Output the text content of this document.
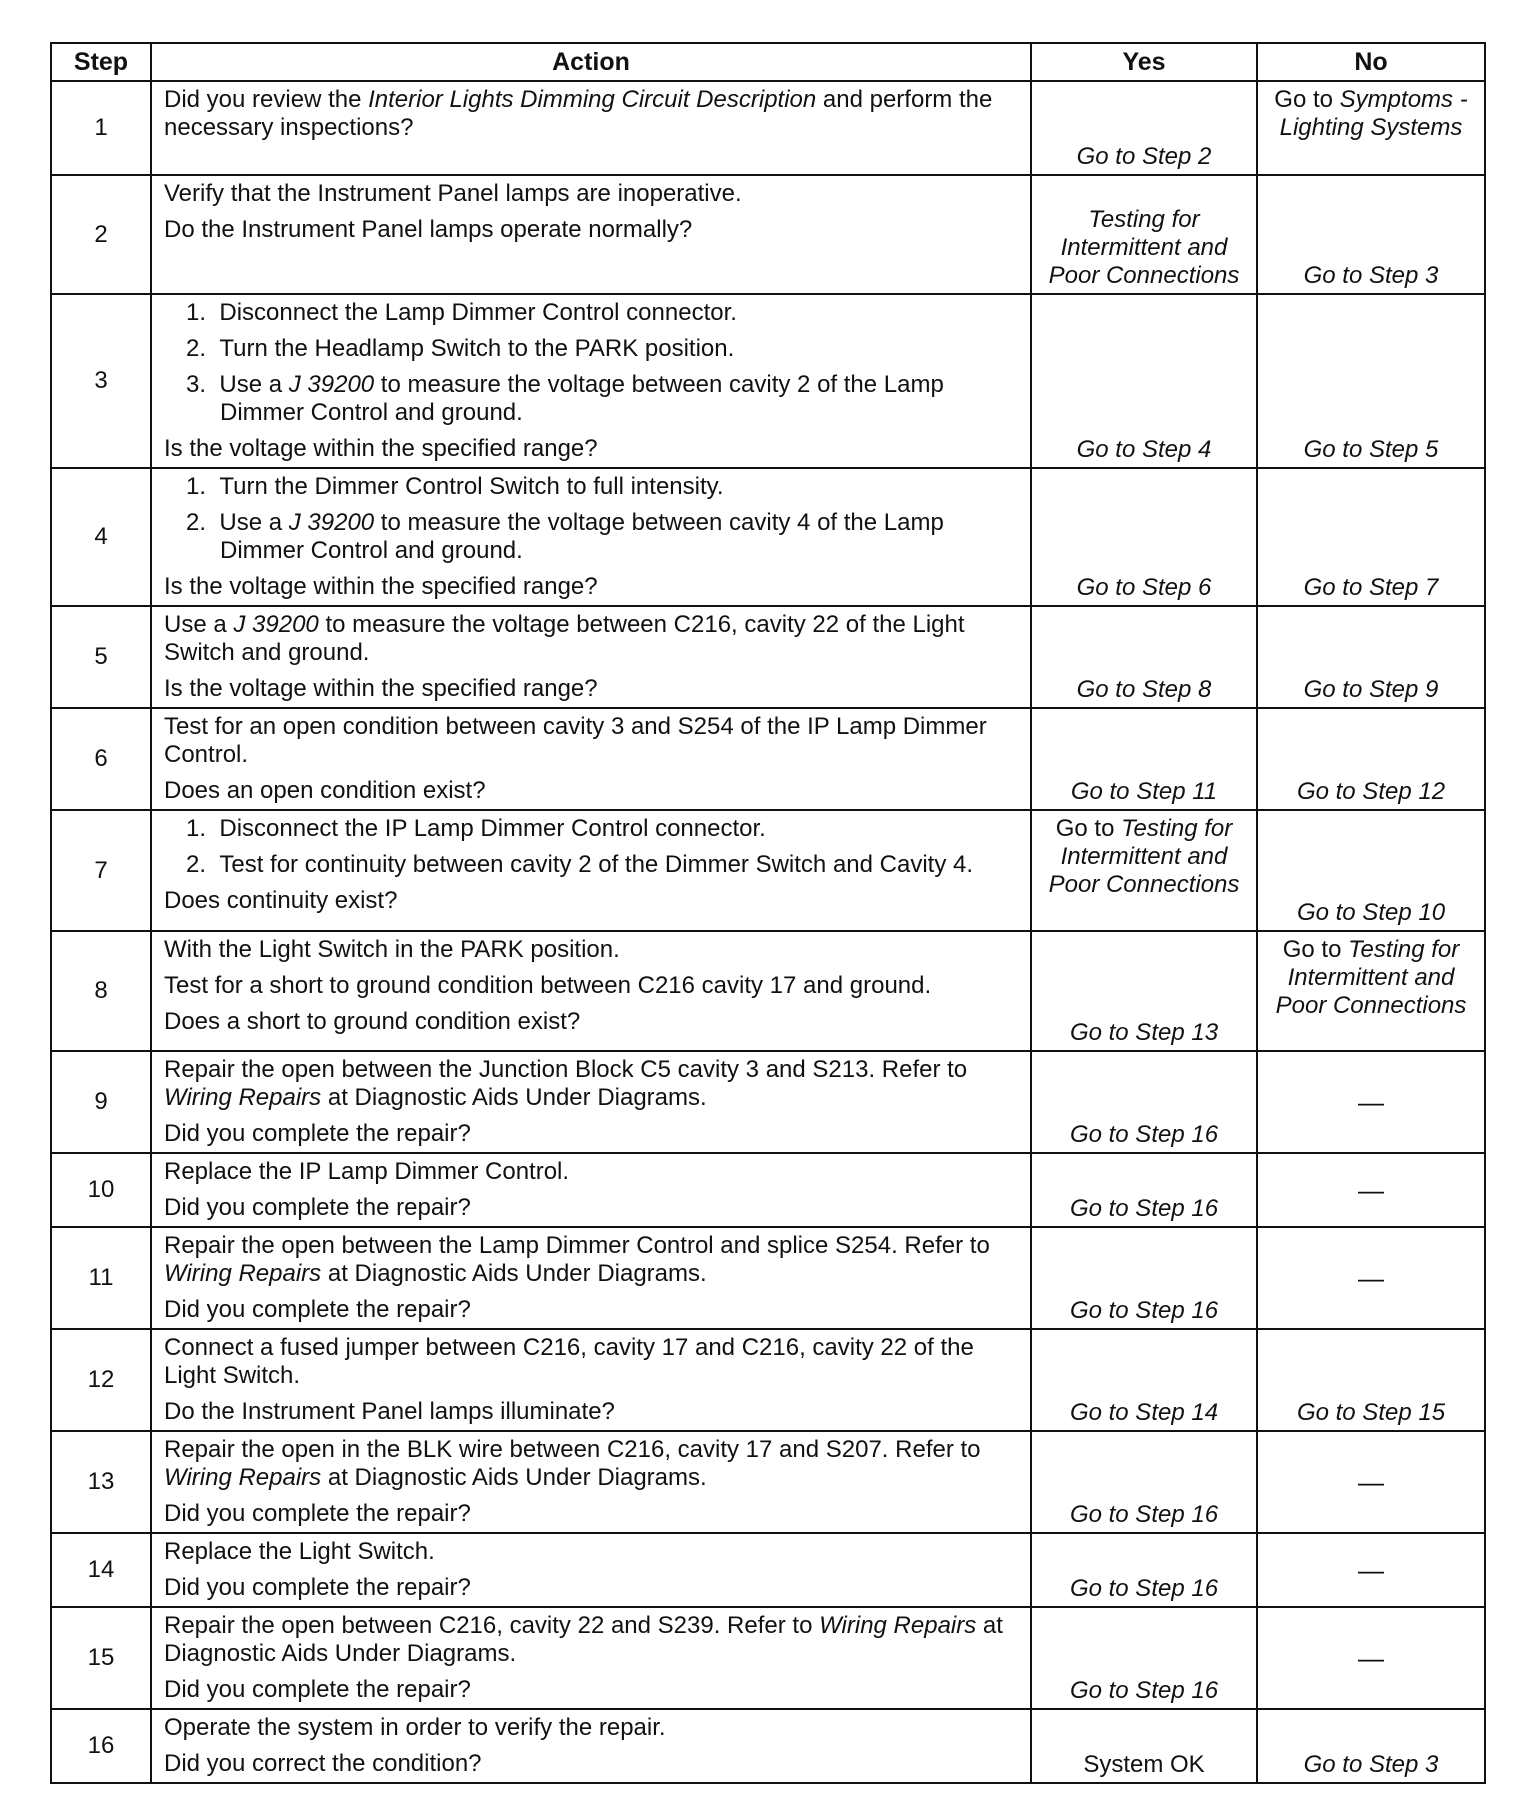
Step	Action	Yes	No
1	Did you review the Interior Lights Dimming Circuit Description and perform the necessary inspections?	Go to Step 2	Go to Symptoms - Lighting Systems
2	Verify that the Instrument Panel lamps are inoperative.
Do the Instrument Panel lamps operate normally?	Testing for Intermittent and Poor Connections	Go to Step 3
3	1. Disconnect the Lamp Dimmer Control connector.
2. Turn the Headlamp Switch to the PARK position.
3. Use a J 39200 to measure the voltage between cavity 2 of the Lamp Dimmer Control and ground.
Is the voltage within the specified range?	Go to Step 4	Go to Step 5
4	1. Turn the Dimmer Control Switch to full intensity.
2. Use a J 39200 to measure the voltage between cavity 4 of the Lamp Dimmer Control and ground.
Is the voltage within the specified range?	Go to Step 6	Go to Step 7
5	Use a J 39200 to measure the voltage between C216, cavity 22 of the Light Switch and ground.
Is the voltage within the specified range?	Go to Step 8	Go to Step 9
6	Test for an open condition between cavity 3 and S254 of the IP Lamp Dimmer Control.
Does an open condition exist?	Go to Step 11	Go to Step 12
7	1. Disconnect the IP Lamp Dimmer Control connector.
2. Test for continuity between cavity 2 of the Dimmer Switch and Cavity 4.
Does continuity exist?	Go to Testing for Intermittent and Poor Connections	Go to Step 10
8	With the Light Switch in the PARK position.
Test for a short to ground condition between C216 cavity 17 and ground.
Does a short to ground condition exist?	Go to Step 13	Go to Testing for Intermittent and Poor Connections
9	Repair the open between the Junction Block C5 cavity 3 and S213. Refer to Wiring Repairs at Diagnostic Aids Under Diagrams.
Did you complete the repair?	Go to Step 16	—
10	Replace the IP Lamp Dimmer Control.
Did you complete the repair?	Go to Step 16	—
11	Repair the open between the Lamp Dimmer Control and splice S254. Refer to Wiring Repairs at Diagnostic Aids Under Diagrams.
Did you complete the repair?	Go to Step 16	—
12	Connect a fused jumper between C216, cavity 17 and C216, cavity 22 of the Light Switch.
Do the Instrument Panel lamps illuminate?	Go to Step 14	Go to Step 15
13	Repair the open in the BLK wire between C216, cavity 17 and S207. Refer to Wiring Repairs at Diagnostic Aids Under Diagrams.
Did you complete the repair?	Go to Step 16	—
14	Replace the Light Switch.
Did you complete the repair?	Go to Step 16	—
15	Repair the open between C216, cavity 22 and S239. Refer to Wiring Repairs at Diagnostic Aids Under Diagrams.
Did you complete the repair?	Go to Step 16	—
16	Operate the system in order to verify the repair.
Did you correct the condition?	System OK	Go to Step 3
